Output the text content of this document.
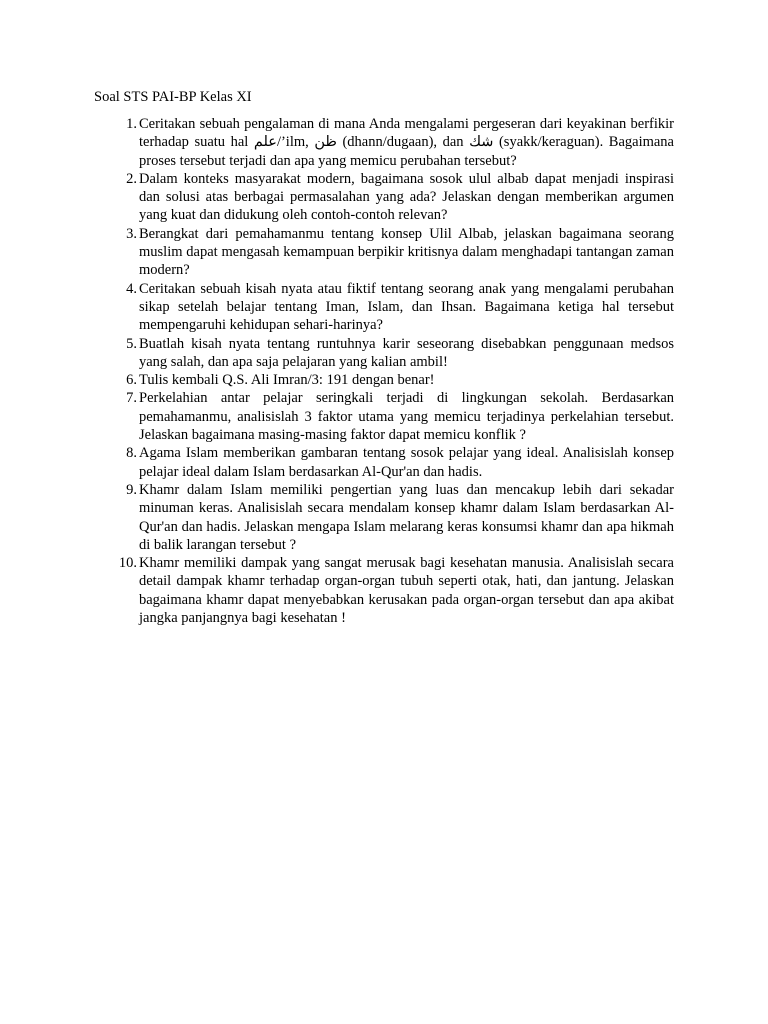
Soal STS PAI-BP Kelas XI
1. Ceritakan sebuah pengalaman di mana Anda mengalami pergeseran dari keyakinan berfikir terhadap suatu hal علم/’ilm, ظن (dhann/dugaan), dan شك (syakk/keraguan). Bagaimana proses tersebut terjadi dan apa yang memicu perubahan tersebut?
2. Dalam konteks masyarakat modern, bagaimana sosok ulul albab dapat menjadi inspirasi dan solusi atas berbagai permasalahan yang ada? Jelaskan dengan memberikan argumen yang kuat dan didukung oleh contoh-contoh relevan?
3. Berangkat dari pemahamanmu tentang konsep Ulil Albab, jelaskan bagaimana seorang muslim dapat mengasah kemampuan berpikir kritisnya dalam menghadapi tantangan zaman modern?
4. Ceritakan sebuah kisah nyata atau fiktif tentang seorang anak yang mengalami perubahan sikap setelah belajar tentang Iman, Islam, dan Ihsan. Bagaimana ketiga hal tersebut mempengaruhi kehidupan sehari-harinya?
5. Buatlah kisah nyata tentang runtuhnya karir seseorang disebabkan penggunaan medsos yang salah, dan apa saja pelajaran yang kalian ambil!
6. Tulis kembali Q.S. Ali Imran/3: 191 dengan benar!
7. Perkelahian antar pelajar seringkali terjadi di lingkungan sekolah. Berdasarkan pemahamanmu, analisislah 3 faktor utama yang memicu terjadinya perkelahian tersebut. Jelaskan bagaimana masing-masing faktor dapat memicu konflik ?
8. Agama Islam memberikan gambaran tentang sosok pelajar yang ideal. Analisislah konsep pelajar ideal dalam Islam berdasarkan Al-Qur'an dan hadis.
9. Khamr dalam Islam memiliki pengertian yang luas dan mencakup lebih dari sekadar minuman keras. Analisislah secara mendalam konsep khamr dalam Islam berdasarkan Al-Qur'an dan hadis. Jelaskan mengapa Islam melarang keras konsumsi khamr dan apa hikmah di balik larangan tersebut ?
10. Khamr memiliki dampak yang sangat merusak bagi kesehatan manusia. Analisislah secara detail dampak khamr terhadap organ-organ tubuh seperti otak, hati, dan jantung. Jelaskan bagaimana khamr dapat menyebabkan kerusakan pada organ-organ tersebut dan apa akibat jangka panjangnya bagi kesehatan !
